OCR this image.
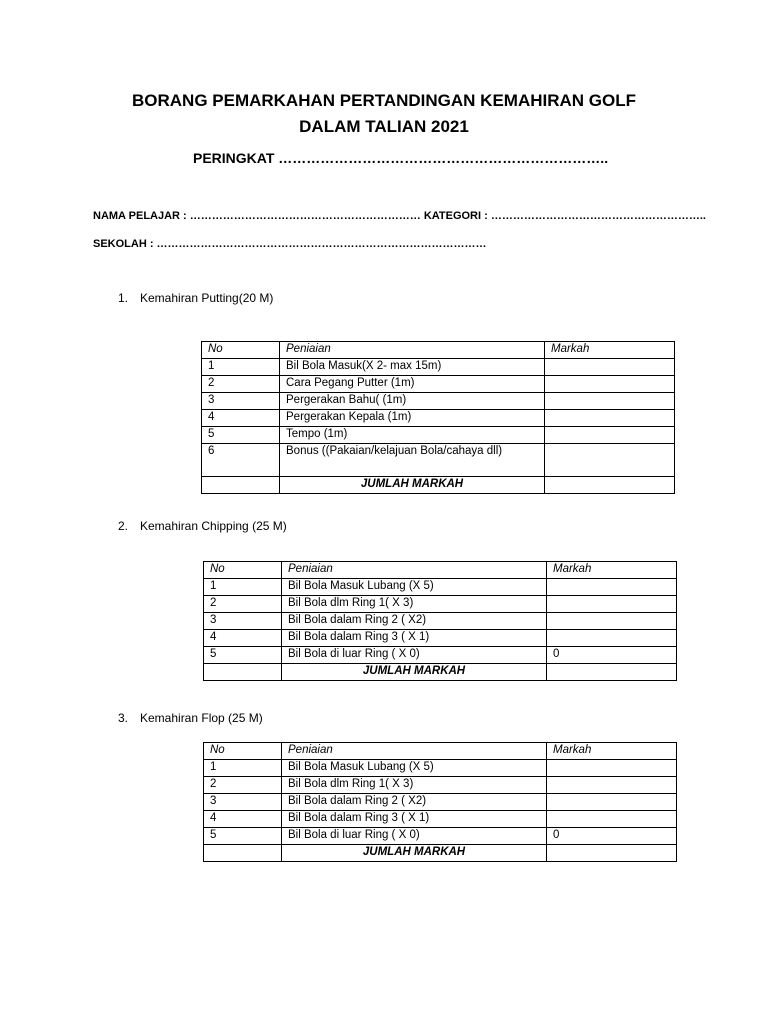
BORANG PEMARKAHAN PERTANDINGAN KEMAHIRAN GOLF
DALAM TALIAN 2021
PERINGKAT ……………………………………………………………..
NAMA PELAJAR : ……………………………………………………… KATEGORI : …………………………………………………..
SEKOLAH : ………………………………………………………………………………
1. Kemahiran Putting(20 M)
No	Peniaian	Markah
1	Bil Bola Masuk(X 2- max 15m)	
2	Cara Pegang Putter (1m)	
3	Pergerakan Bahu( (1m)	
4	Pergerakan Kepala (1m)	
5	Tempo (1m)	
6	Bonus ((Pakaian/kelajuan Bola/cahaya dll)	
	JUMLAH MARKAH	
2. Kemahiran Chipping (25 M)
No	Peniaian	Markah
1	Bil Bola Masuk Lubang (X 5)	
2	Bil Bola dlm Ring 1( X 3)	
3	Bil Bola dalam Ring 2 ( X2)	
4	Bil Bola dalam Ring 3 ( X 1)	
5	Bil Bola di luar Ring ( X 0)	0
	JUMLAH MARKAH	
3. Kemahiran Flop (25 M)
No	Peniaian	Markah
1	Bil Bola Masuk Lubang (X 5)	
2	Bil Bola dlm Ring 1( X 3)	
3	Bil Bola dalam Ring 2 ( X2)	
4	Bil Bola dalam Ring 3 ( X 1)	
5	Bil Bola di luar Ring ( X 0)	0
	JUMLAH MARKAH	
